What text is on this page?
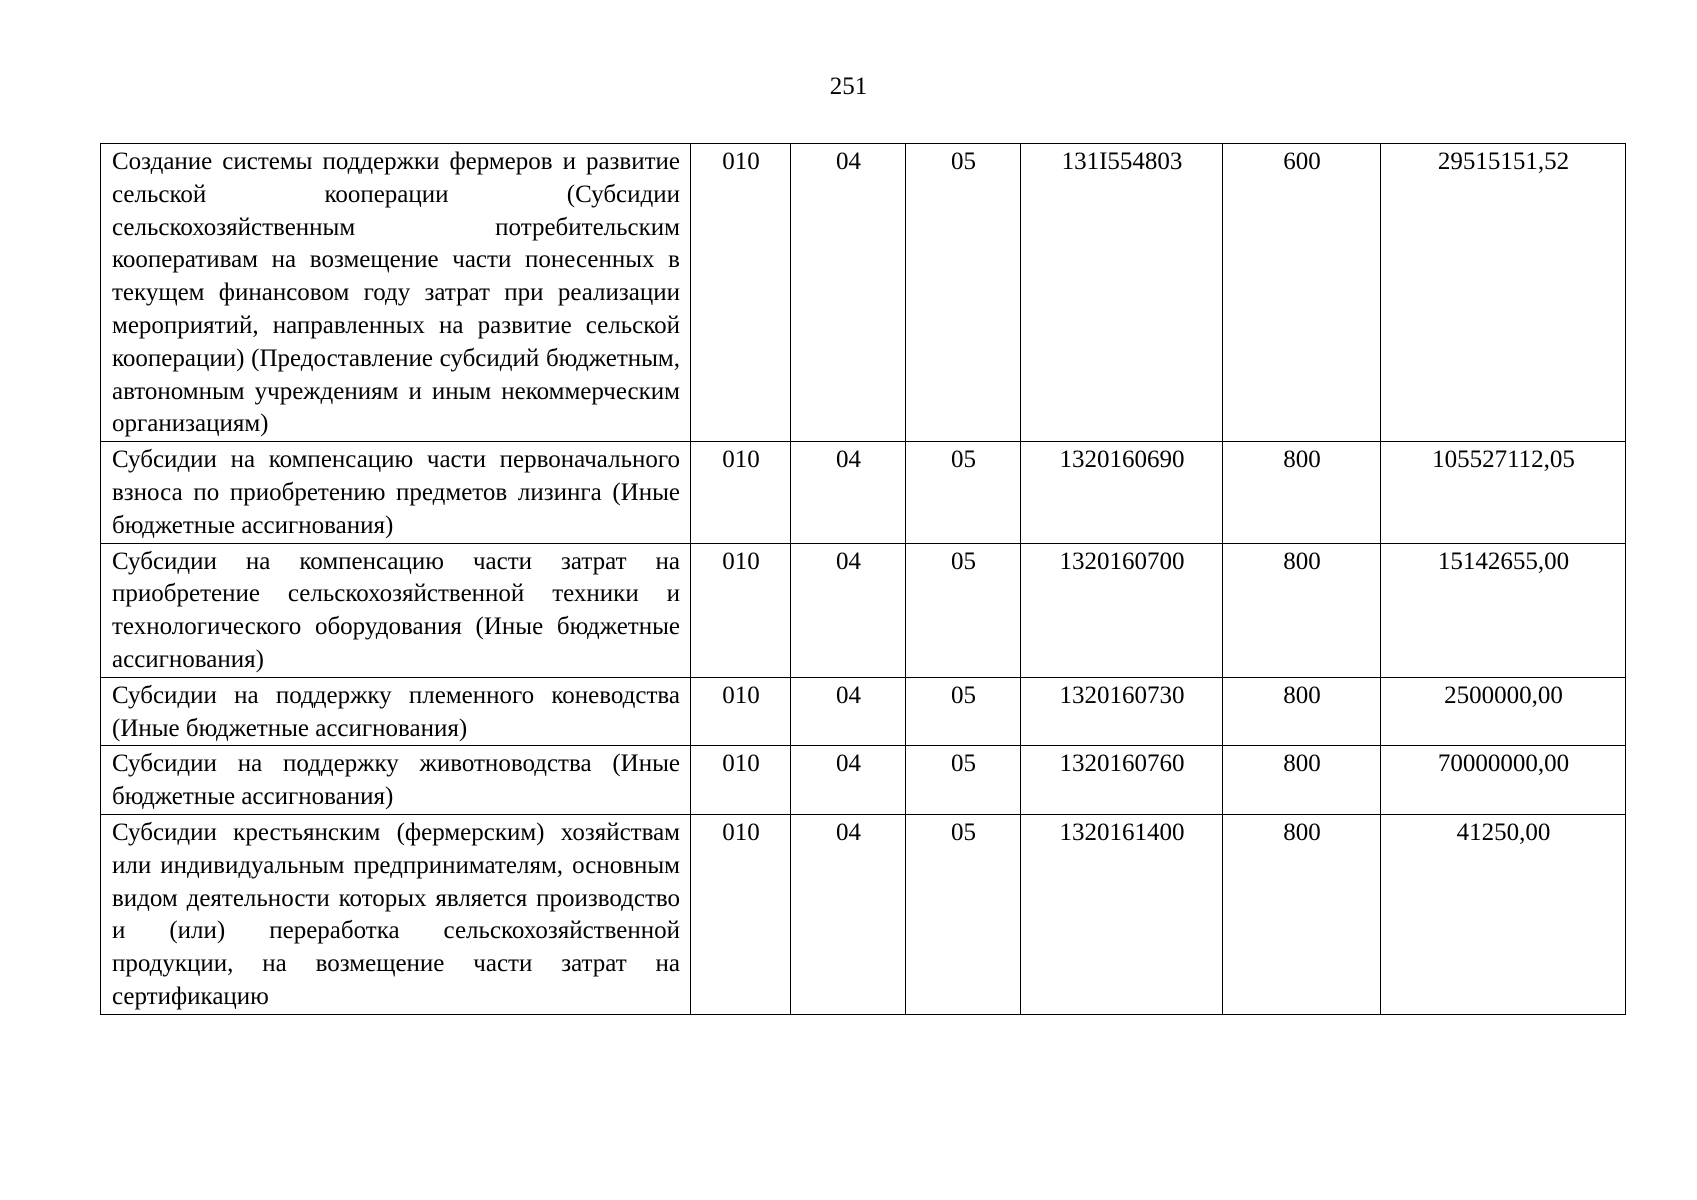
251
Создание системы поддержки фермеров и развитие сельской кооперации (Субсидии сельскохозяйственным потребительским кооперативам на возмещение части понесенных в текущем финансовом году затрат при реализации мероприятий, направленных на развитие сельской кооперации) (Предоставление субсидий бюджетным, автономным учреждениям и иным некоммерческим организациям)	010	04	05	131I554803	600	29515151,52
Субсидии на компенсацию части первоначального взноса по приобретению предметов лизинга (Иные бюджетные ассигнования)	010	04	05	1320160690	800	105527112,05
Субсидии на компенсацию части затрат на приобретение сельскохозяйственной техники и технологического оборудования (Иные бюджетные ассигнования)	010	04	05	1320160700	800	15142655,00
Субсидии на поддержку племенного коневодства (Иные бюджетные ассигнования)	010	04	05	1320160730	800	2500000,00
Субсидии на поддержку животноводства (Иные бюджетные ассигнования)	010	04	05	1320160760	800	70000000,00
Субсидии крестьянским (фермерским) хозяйствам или индивидуальным предпринимателям, основным видом деятельности которых является производство и (или) переработка сельскохозяйственной продукции, на возмещение части затрат на сертификацию	010	04	05	1320161400	800	41250,00
